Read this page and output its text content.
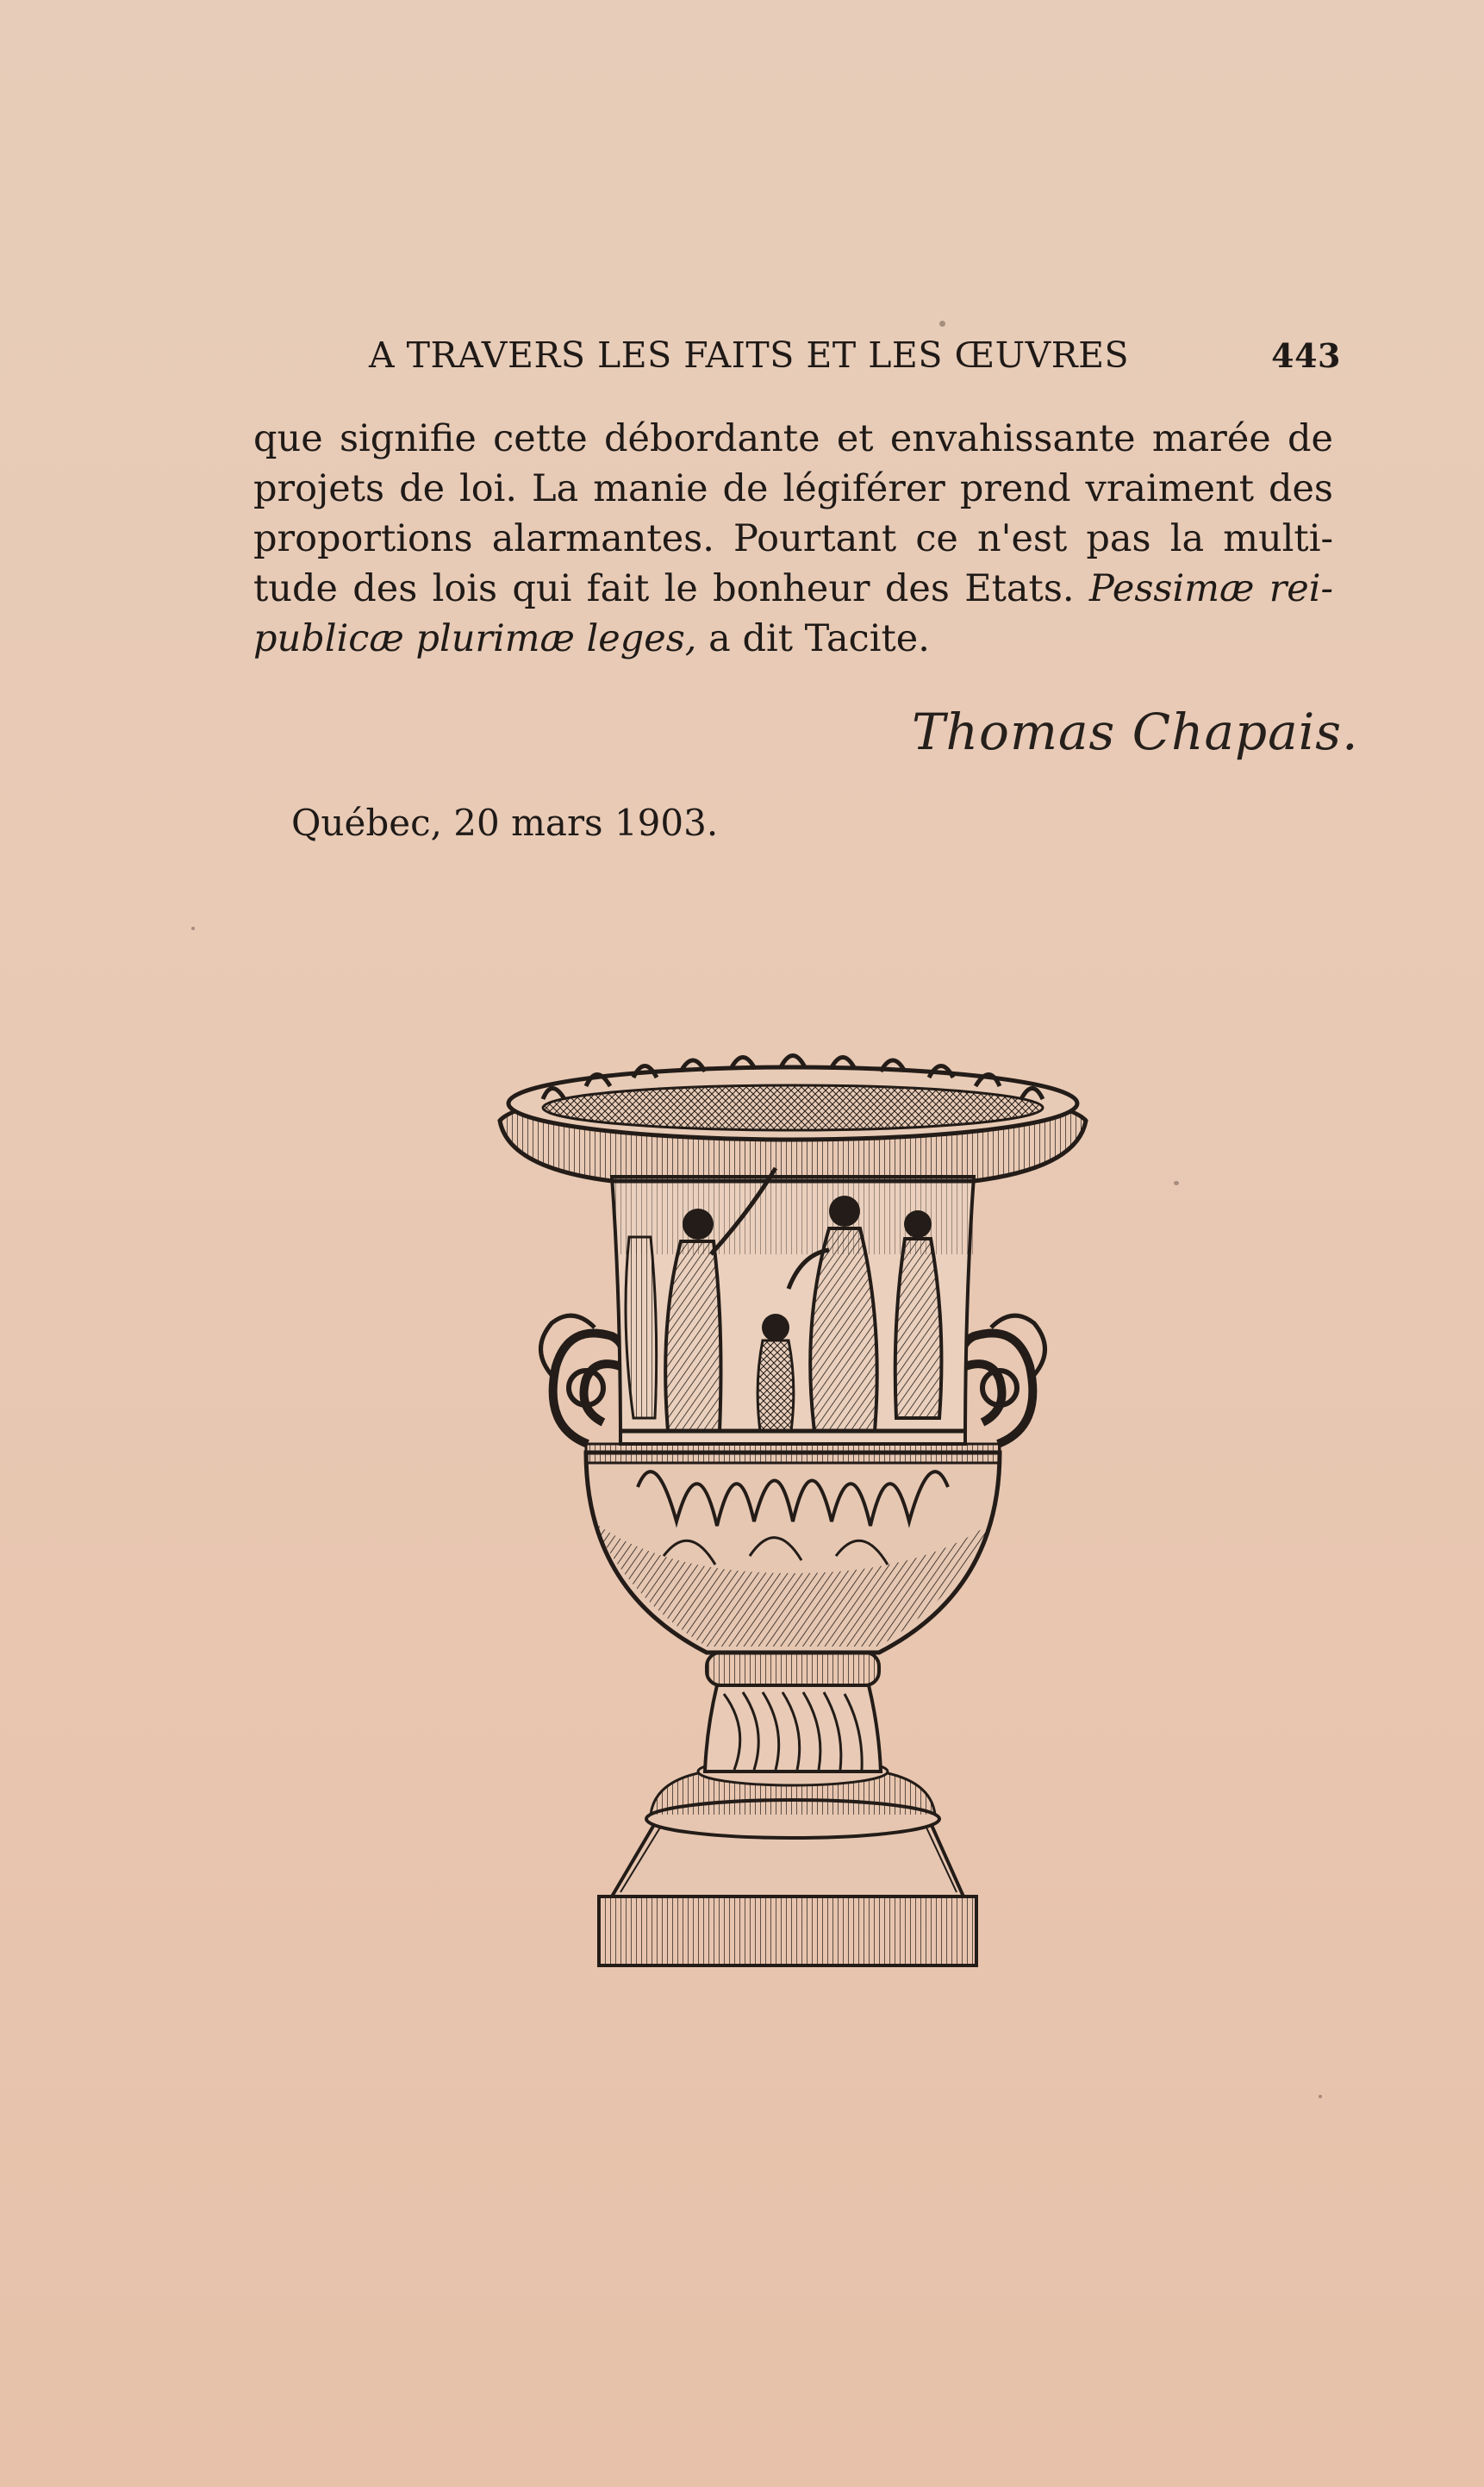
A TRAVERS LES FAITS ET LES ŒUVRES	443
que signifie cette débordante et envahissante marée de
projets de loi. La manie de légiférer prend vraiment des
proportions alarmantes. Pourtant ce n'est pas la multi-
tude des lois qui fait le bonheur des Etats. Pessimæ rei-
publicæ plurimæ leges, a dit Tacite.
Thomas Chapais.
Québec, 20 mars 1903.
